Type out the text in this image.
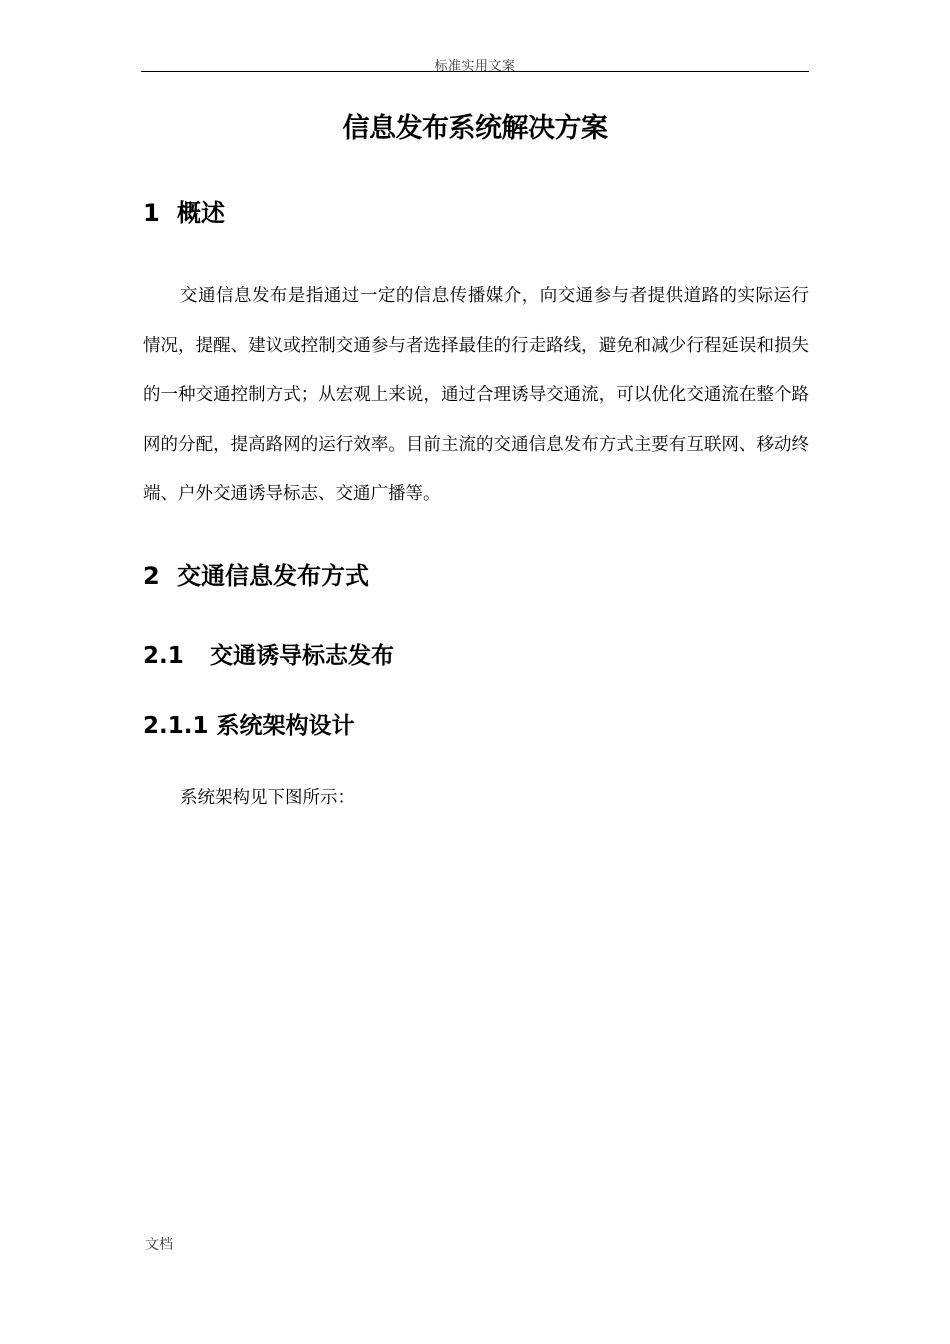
标准实用文案
信息发布系统解决方案
1 概述

交通信息发布是指通过一定的信息传播媒介，向交通参与者提供道路的实际运行情况，提醒、建议或控制交通参与者选择最佳的行走路线，避免和减少行程延误和损失的一种交通控制方式；从宏观上来说，通过合理诱导交通流，可以优化交通流在整个路网的分配，提高路网的运行效率。目前主流的交通信息发布方式主要有互联网、移动终端、户外交通诱导标志、交通广播等。

2 交通信息发布方式
2.1 交通诱导标志发布
2.1.1 系统架构设计

系统架构见下图所示：

文档
